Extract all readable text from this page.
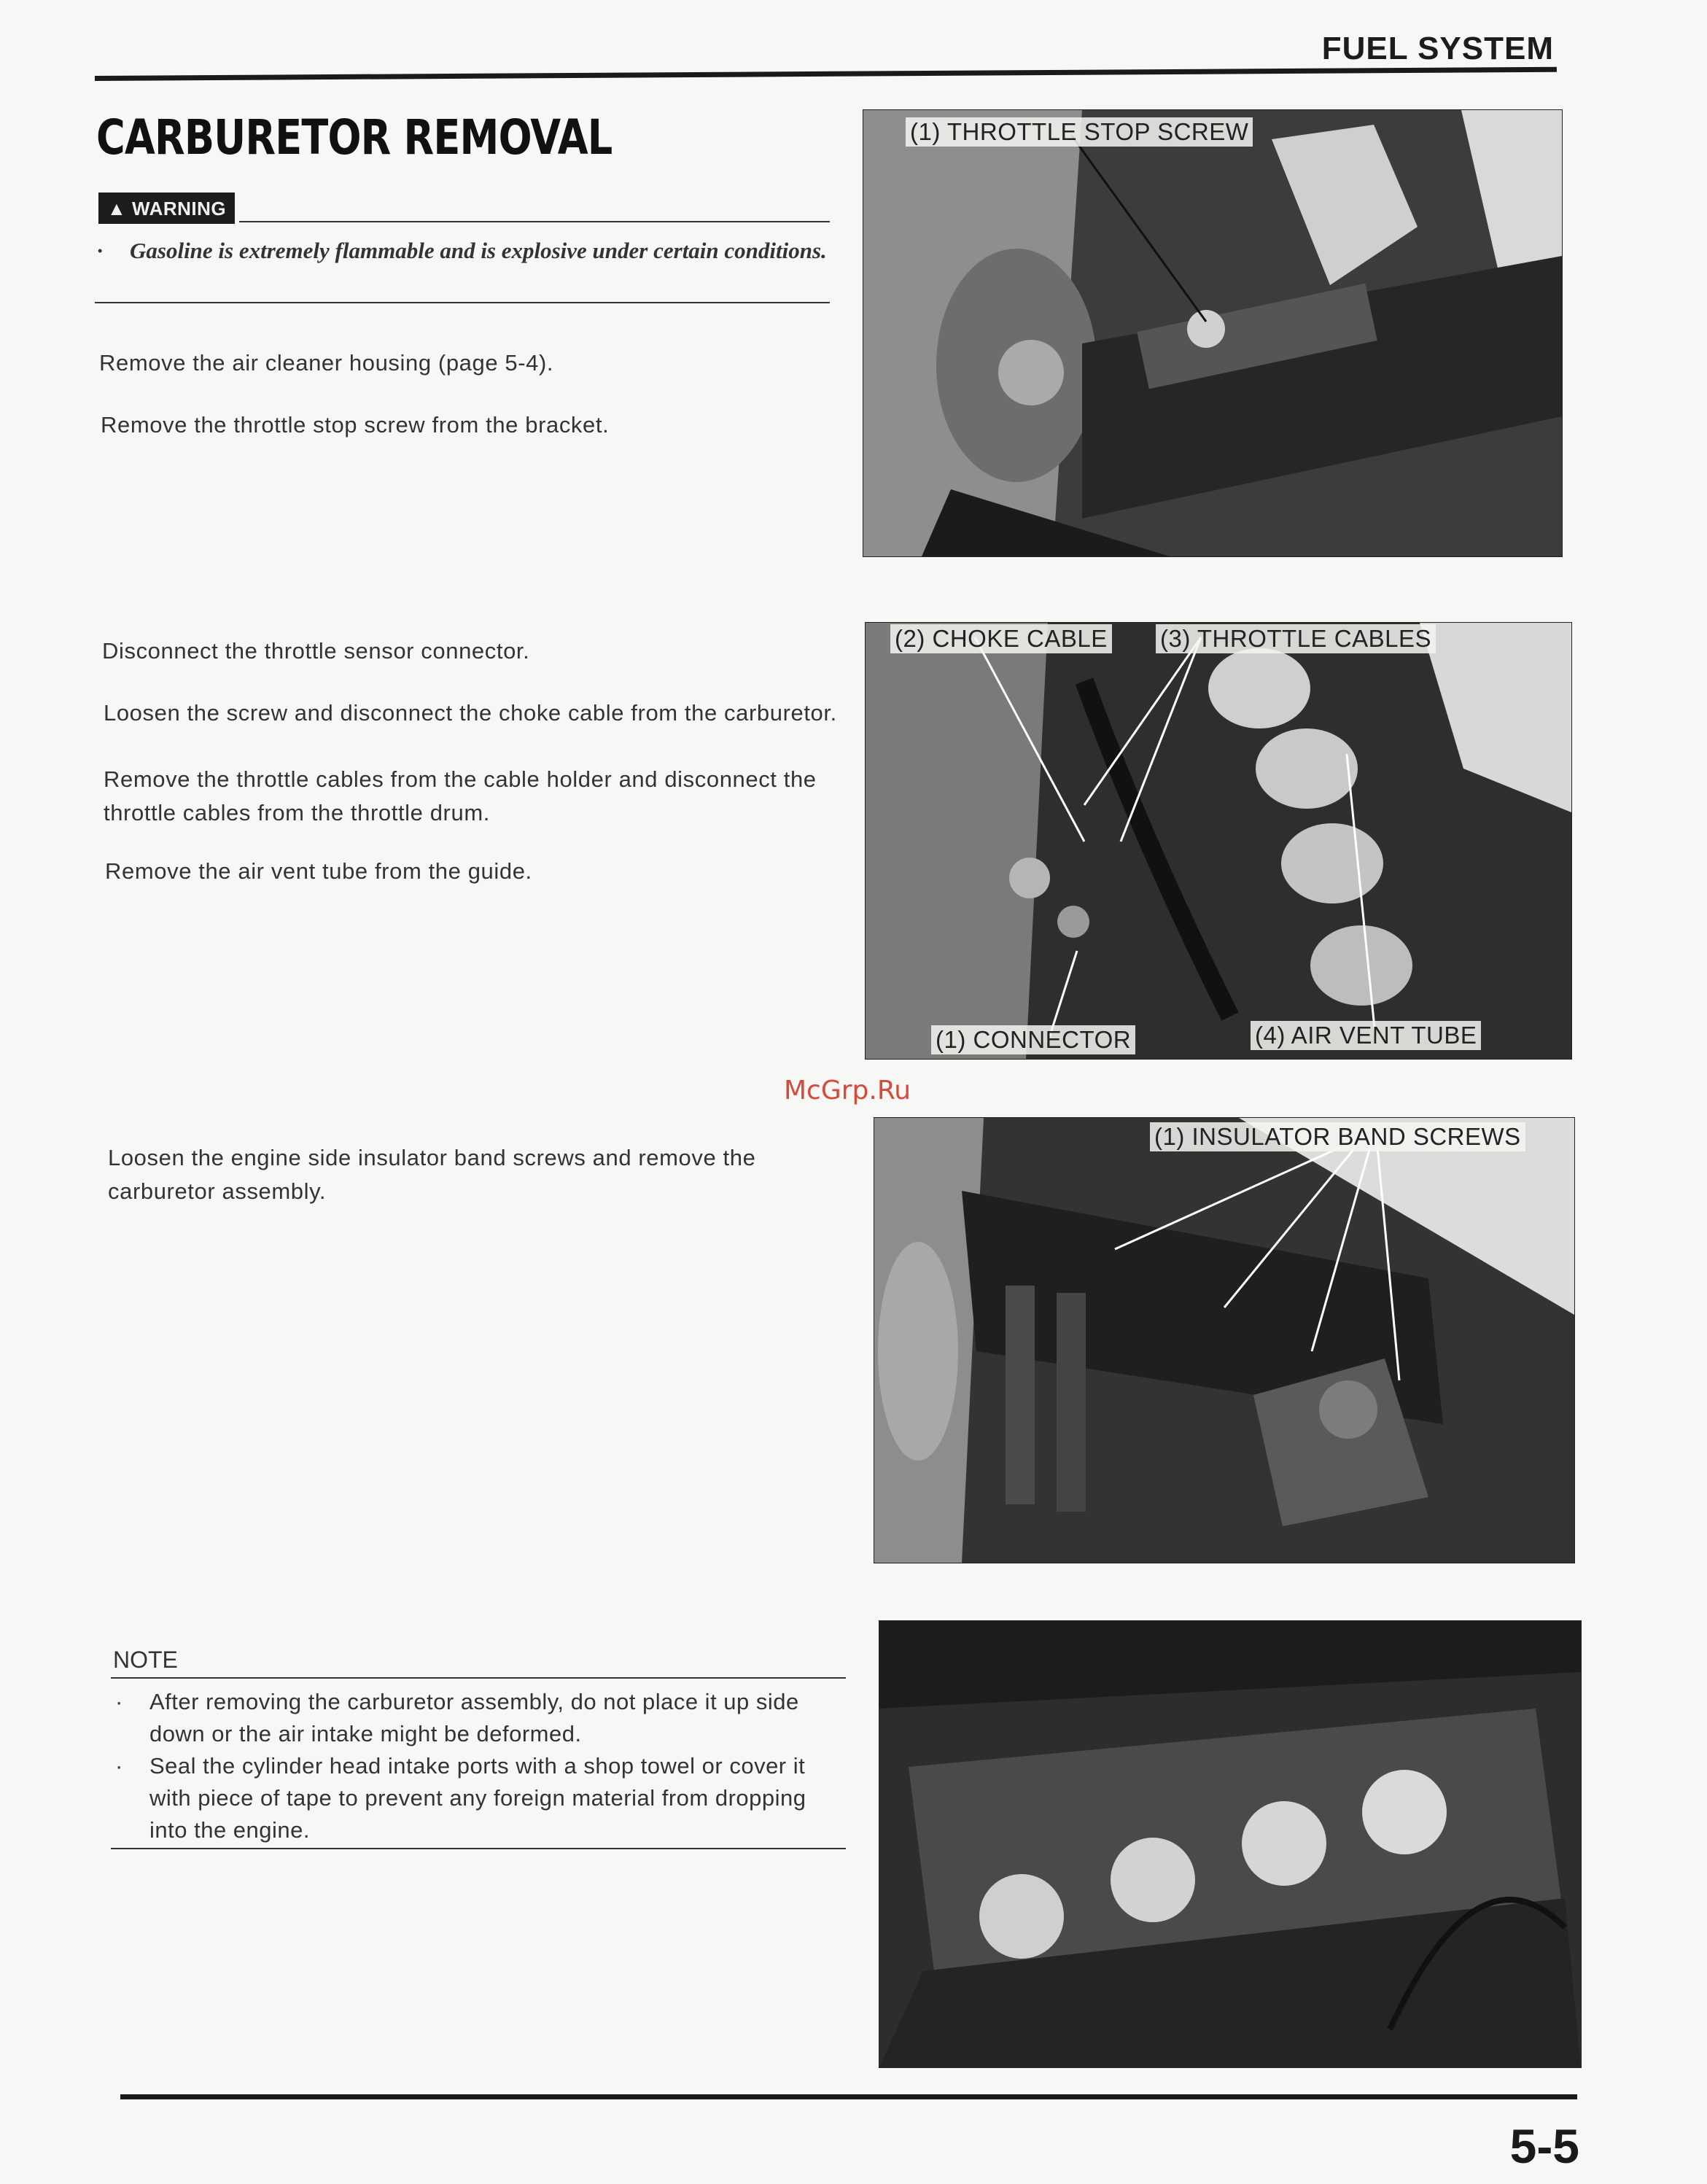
FUEL SYSTEM
CARBURETOR REMOVAL
▲ WARNING
· Gasoline is extremely flammable and is explosive under certain conditions.
Remove the air cleaner housing (page 5-4).
Remove the throttle stop screw from the bracket.
Disconnect the throttle sensor connector.
Loosen the screw and disconnect the choke cable from the carburetor.
Remove the throttle cables from the cable holder and disconnect the throttle cables from the throttle drum.
Remove the air vent tube from the guide.
Loosen the engine side insulator band screws and remove the carburetor assembly.
NOTE
· After removing the carburetor assembly, do not place it up side down or the air intake might be deformed.
· Seal the cylinder head intake ports with a shop towel or cover it with piece of tape to prevent any foreign material from dropping into the engine.
(1) THROTTLE STOP SCREW
(2) CHOKE CABLE (3) THROTTLE CABLES
(1) CONNECTOR	(4) AIR VENT TUBE
(1) INSULATOR BAND SCREWS
McGrp.Ru
5-5
